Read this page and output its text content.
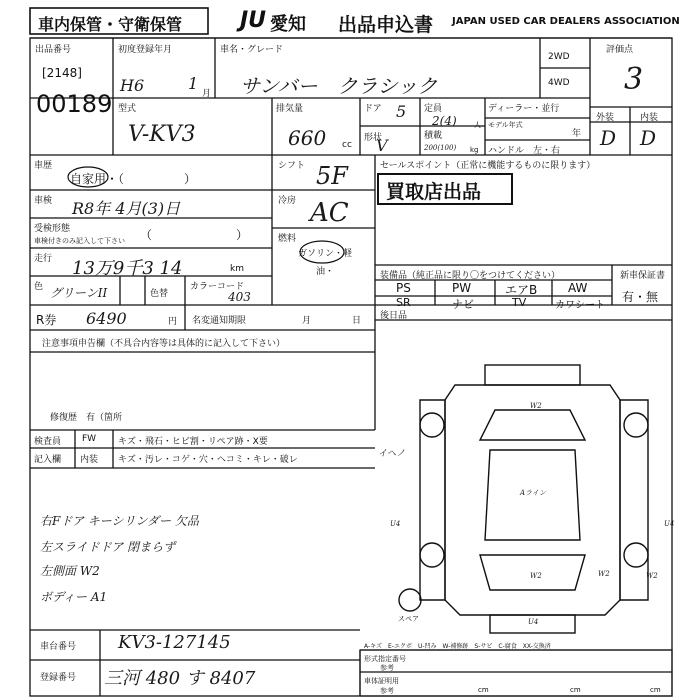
車内保管・守衛保管	JU 愛知 出品申込書 JAPAN USED CAR DEALERS ASSOCIATION
出品番号
[2148]
00189
初度登録年月
H6	1
月
車名・グレード
サンバー　クラシック
2WD
4WD
評価点
3
外装	内装
D D
型式
V-KV3
排気量
660 cc
ドア 5
形状
V
定員
2(4) 人
積載
200(100) kg
ディーラー・並行
モデル年式
年
ハンドル　左・右
車歴
自家用・（　　　　　）
車検 R8年 4月(3)日
受検形態
車検付きのみ記入して下さい （　　　　　　　）
走行 13万9千3 14	km
色 グリーンII	色替
カラーコード
403
シフト 5F
冷房 AC
燃料
ガソリン・軽油・
セールスポイント（正常に機能するものに限ります）
買取店出品
装備品（純正品に限り〇をつけてください）
PS	PW	エアB	AW
SR	ナビ	TV	カワシート
新車保証書
有・無
R券 6490	円 名変通知期限	月	日 後日品
注意事項申告欄（不具合内容等は具体的に記入して下さい）
修復歴　有（箇所
検査員
記入欄
FW キズ・飛石・ヒビ割・リペア跡・X要
内装 キズ・汚レ・コゲ・穴・ヘコミ・キレ・破レ
イヘノ
右Fドア キーシリンダー 欠品
左スライドドア 閉まらず
左側面 W2
ボディー A1
W2
Aライン
U4	U4
W2	W2	W2
U4
スペア
A-キズ　E-エクボ　U-凹み　W-補修跡　S-サビ　C-腐食　XX-交換済
車台番号 KV3-127145
登録番号 三河 480 す 8407
形式指定番号
参考
車体証明用
参考	cm	cm	cm
